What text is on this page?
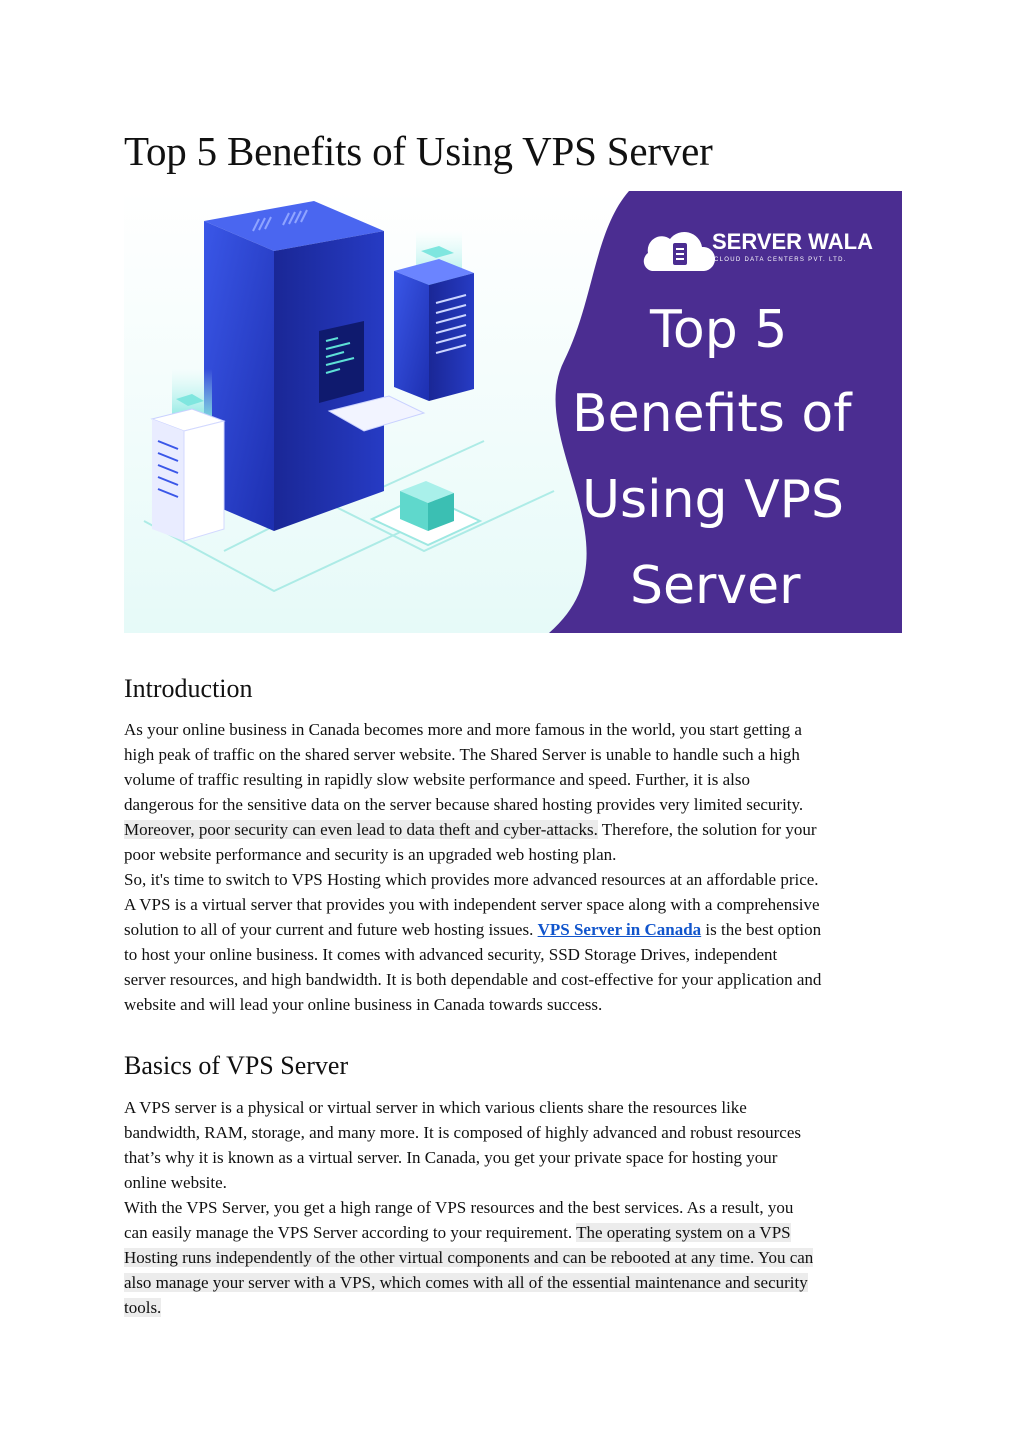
Top 5 Benefits of Using VPS Server
SERVER WALA
CLOUD DATA CENTERS PVT. LTD.
Top 5
Benefits of
Using VPS
Server
Introduction
As your online business in Canada becomes more and more famous in the world, you start getting a
high peak of traffic on the shared server website. The Shared Server is unable to handle such a high
volume of traffic resulting in rapidly slow website performance and speed. Further, it is also
dangerous for the sensitive data on the server because shared hosting provides very limited security.
Moreover, poor security can even lead to data theft and cyber-attacks. Therefore, the solution for your
poor website performance and security is an upgraded web hosting plan.
So, it's time to switch to VPS Hosting which provides more advanced resources at an affordable price.
A VPS is a virtual server that provides you with independent server space along with a comprehensive
solution to all of your current and future web hosting issues. VPS Server in Canada is the best option
to host your online business. It comes with advanced security, SSD Storage Drives, independent
server resources, and high bandwidth. It is both dependable and cost-effective for your application and
website and will lead your online business in Canada towards success.
Basics of VPS Server
A VPS server is a physical or virtual server in which various clients share the resources like
bandwidth, RAM, storage, and many more. It is composed of highly advanced and robust resources
that’s why it is known as a virtual server. In Canada, you get your private space for hosting your
online website.
With the VPS Server, you get a high range of VPS resources and the best services. As a result, you
can easily manage the VPS Server according to your requirement. The operating system on a VPS
Hosting runs independently of the other virtual components and can be rebooted at any time. You can
also manage your server with a VPS, which comes with all of the essential maintenance and security
tools.
